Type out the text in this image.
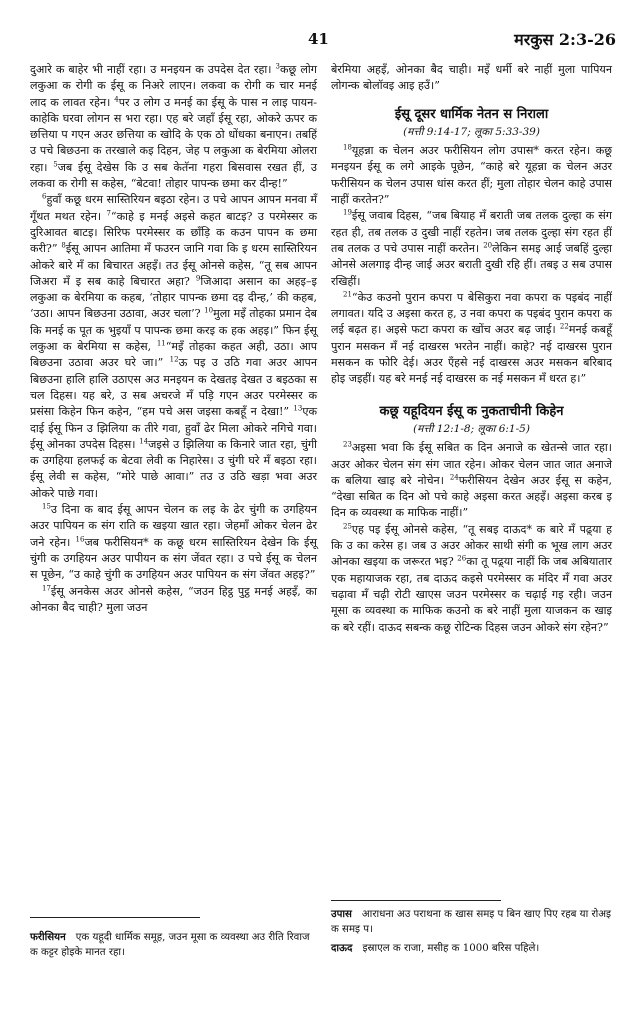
41	मरकुस 2:3-26

दुआरे क बाहेर भी नाहीं रहा। उ मनइयन क उपदेस देत रहा। $^3$कछू लोग लकुआ क रोगी क ईसू क निअरे लाएन। लकवा क रोगी क चार मनई लाद क लावत रहेन। $^4$पर उ लोग उ मनई का ईसू के पास न लाइ पायन-काहेकि घरवा लोगन स भरा रहा। एह बरे जहाँ ईसू रहा, ओकरे ऊपर क छत्तिया प गएन अउर छत्तिया क खोदि के एक ठो धोंधका बनाएन। तबहिं उ पचे बिछउना क तरखाले कइ दिहन, जेह प लकुआ क बेरमिया ओलरा रहा। $^5$जब ईसू देखेस कि उ सब केतॅना गहरा बिसवास रखत हीं, उ लकवा क रोगी स कहेस, “बेटवा! तोहार पापन्क छमा कर दीन्ह!”

$^6$हुवाँ कछू धरम सास्तिरियन बइठा रहेन। उ पचे आपन आपन मनवा मँ गूँथत मथत रहेन। $^7$“काहे इ मनई अइसे कहत बाटइ? उ परमेस्सर क दुरिआवत बाटइ। सिरिफ परमेस्सर क छाँड़ि क कउन पापन क छमा करी?” $^8$ईसू आपन आतिमा मँ फउरन जानि गवा कि इ धरम सास्तिरियन ओकरे बारे मँ का बिचारत अहइँ। तउ ईसू ओनसे कहेस, “तू सब आपन जिअरा मँ इ सब काहे बिचारत अहा? $^9$जिआदा असान का अहइ–इ लकुआ क बेरमिया क कहब, ‘तोहार पापन्क छमा दइ दीन्ह,’ की कहब, ‘उठा। आपन बिछउना उठावा, अउर चला’? $^{10}$मुला मइँ तोहका प्रमान देब कि मनई क पूत क भुइयाँ प पापन्क छमा करइ क हक अहइ।” फिन ईसू लकुआ क बेरमिया स कहेस, $^{11}$“मइँ तोहका कहत अही, उठा। आप बिछउना उठावा अउर घरे जा।” $^{12}$ऊ पइ उ उठि गवा अउर आपन बिछउना हालि हालि उठाएस अउ मनइयन क देखतइ देखत उ बइठका स चल दिहस। यह बरे, उ सब अचरजे मँ पड़ि गएन अउर परमेस्सर क प्रसंसा किहेन फिन कहेन, “हम पचे अस जइसा कबहूँ न देखा!” $^{13}$एक दाई ईसू फिन उ झिलिया क तीरे गवा, हुवाँ ढेर मिला ओकरे नगिचे गवा। ईसू ओनका उपदेस दिहस। $^{14}$जइसे उ झिलिया क किनारे जात रहा, चुंगी क उगहिया हलफई क बेटवा लेवी क निहारेस। उ चुंगी घरे मँ बइठा रहा। ईसू लेवी स कहेस, “मोरे पाछे आवा।” तउ उ उठि खड़ा भवा अउर ओकरे पाछे गवा।

$^{15}$उ दिना क बाद ईसू आपन चेलन क लइ के ढेर चुंगी क उगहियन अउर पापियन क संग राति क खइया खात रहा। जेहमाँ ओकर चेलन ढेर जने रहेन। $^{16}$जब फरीसियन* क कछू धरम सास्तिरियन देखेन कि ईसू चुंगी क उगहियन अउर पापीयन क संग जेंवत रहा। उ पचे ईसू क चेलन स पूछेन, “उ काहे चुंगी क उगहियन अउर पापियन क संग जेंवत अहइ?”

$^{17}$ईसू अनकेस अउर ओनसे कहेस, “जउन हिट्ठ पुट्ठ मनई अहइँ, का ओनका बैद चाही? मुला जउन

बेरमिया अहइँ, ओनका बैद चाही। मइँ धर्मी बरे नाहीं मुला पापियन लोगन्क बोलॉवइ आइ हउँ।”

ईसू दूसर धार्मिक नेतन स निराला
(मत्ती 9:14-17; लूका 5:33-39)

$^{18}$यूहन्ना क चेलन अउर फरीसियन लोग उपास* करत रहेन। कछू मनइयन ईसू क लगे आइके पूछेन, “काहे बरे यूहन्ना क चेलन अउर फरीसियन क चेलन उपास धांस करत हीं; मुला तोहार चेलन काहे उपास नाहीं करतेन?”

$^{19}$ईसू जवाब दिहस, “जब बियाह मँ बराती जब तलक दुल्हा क संग रहत ही, तब तलक उ दुखी नाहीं रहतेन। जब तलक दुल्हा संग रहत हीं तब तलक उ पचे उपास नाहीं करतेन। $^{20}$लेकिन समइ आई जबहिं दुल्हा ओनसे अलगाइ दीन्ह जाई अउर बराती दुखी रहि हीं। तबइ उ सब उपास रखिहीं।

$^{21}$“केउ कउनो पुरान कपरा प बेसिकुरा नवा कपरा क पइबंद नाहीं लगावत। यदि उ अइसा करत ह, उ नवा कपरा क पइबंद पुरान कपरा क लई बढ़त ह। अइसे फटा कपरा क खोंच अउर बढ़ जाई। $^{22}$मनई कबहूँ पुरान मसकन मँ नई दाखरस भरतेन नाहीं। काहे? नई दाखरस पुरान मसकन क फोरि देई। अउर एँहसे नई दाखरस अउर मसकन बरिबाद होइ जइहीं। यह बरे मनई नई दाखरस क नई मसकन मँ धरत ह।”

कछू यहूदियन ईसू क नुकताचीनी किहेन
(मत्ती 12:1-8; लूका 6:1-5)

$^{23}$अइसा भवा कि ईसू सबित क दिन अनाजे क खेतन्से जात रहा। अउर ओकर चेलन संग संग जात रहेन। ओकर चेलन जात जात अनाजे क बलिया खाइ बरे नोचेन। $^{24}$फरीसियन देखेन अउर ईसू स कहेन, “देखा सबित क दिन ओ पचे काहे अइसा करत अहइँ। अइसा करब इ दिन क व्यवस्था क माफिक नाहीं।”

$^{25}$एह पइ ईसू ओनसे कहेस, “तू सबइ दाऊद* क बारे मँ पढ़्या ह कि उ का करेस ह। जब उ अउर ओकर साथी संगी क भूख लाग अउर ओनका खइया क जरूरत भइ? $^{26}$का तू पढ़्या नाहीं कि जब अबियातार एक महायाजक रहा, तब दाऊद कइसे परमेस्सर क मंदिर मँ गवा अउर चढ़ावा मँ चढ़ी रोटी खाएस जउन परमेस्सर क चढ़ाई गइ रही। जउन मूसा क व्यवस्था क माफिक कउनो क बरे नाहीं मुला याजकन क खाइ क बरे रहीं। दाऊद सबन्क कछू रोटिन्क दिहस जउन ओकरे संग रहेन?”

फरीसियन एक यहूदी धार्मिक समूह, जउन मूसा क व्यवस्था अउ रीति रिवाज क कट्टर होइके मानत रहा।
उपास आराधना अउ पराथना क खास समइ प बिन खाए पिए रहब या रोअइ क समइ प।
दाऊद इस्राएल क राजा, मसीह क 1000 बरिस पहिले।
